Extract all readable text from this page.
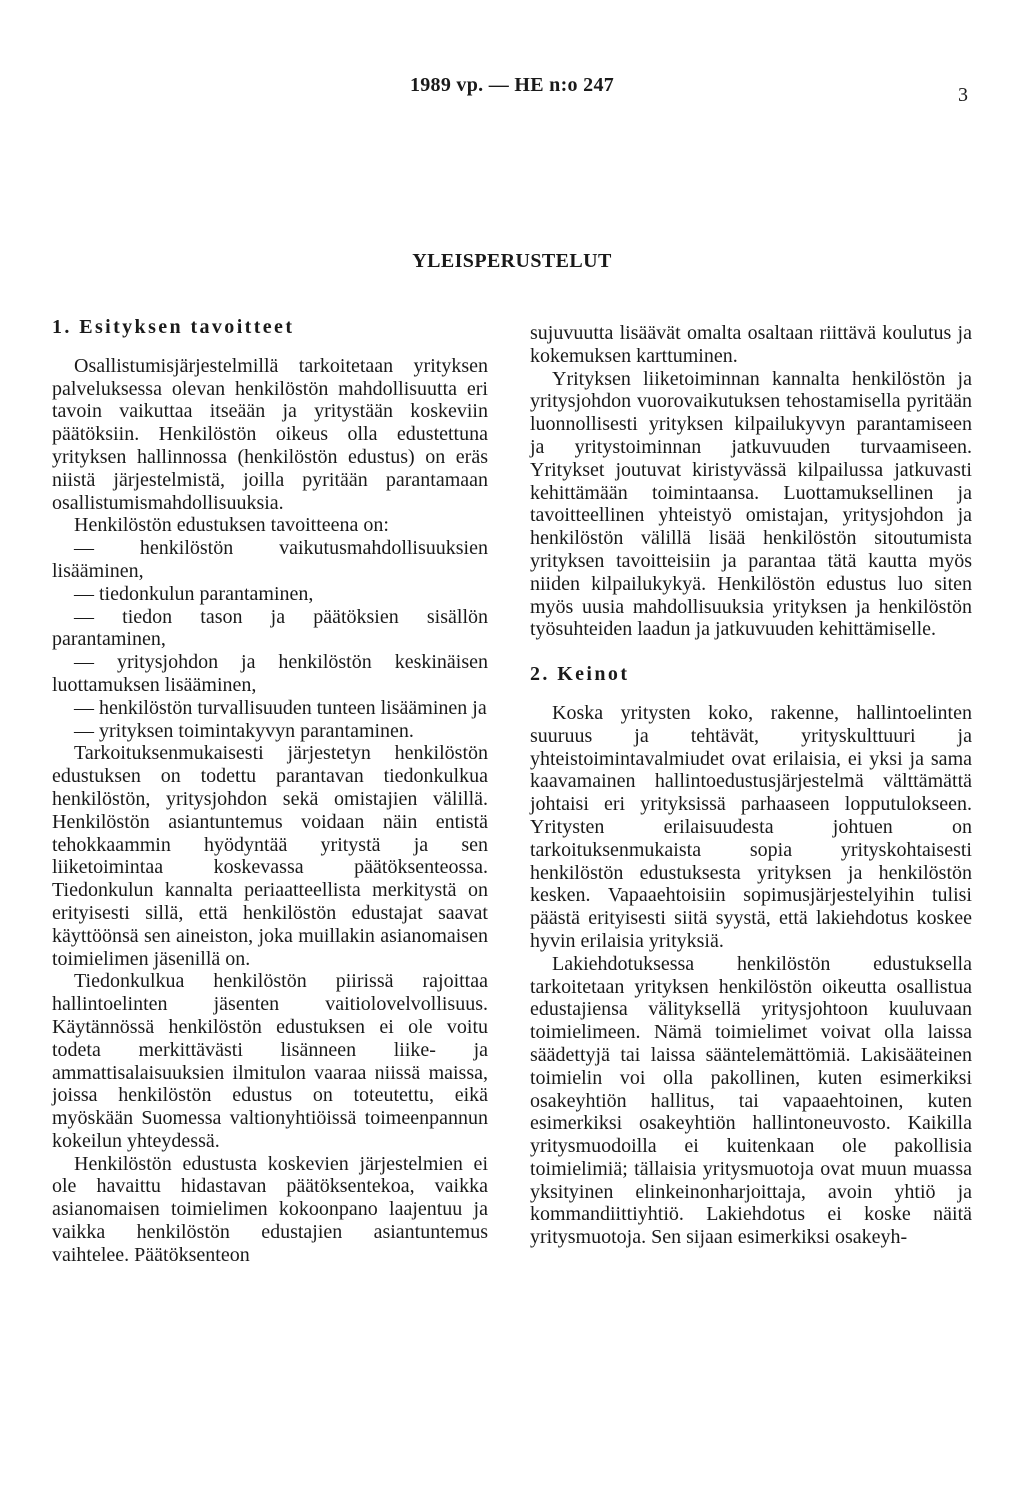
1989 vp. — HE n:o 247	3
YLEISPERUSTELUT
1. Esityksen tavoitteet

Osallistumisjärjestelmillä tarkoitetaan yrityksen palveluksessa olevan henkilöstön mahdollisuutta eri tavoin vaikuttaa itseään ja yritystään koskeviin päätöksiin. Henkilöstön oikeus olla edustettuna yrityksen hallinnossa (henkilöstön edustus) on eräs niistä järjestelmistä, joilla pyritään parantamaan osallistumismahdollisuuksia.

Henkilöstön edustuksen tavoitteena on:

— henkilöstön vaikutusmahdollisuuksien lisääminen,

— tiedonkulun parantaminen,

— tiedon tason ja päätöksien sisällön parantaminen,

— yritysjohdon ja henkilöstön keskinäisen luottamuksen lisääminen,

— henkilöstön turvallisuuden tunteen lisääminen ja

— yrityksen toimintakyvyn parantaminen.

Tarkoituksenmukaisesti järjestetyn henkilöstön edustuksen on todettu parantavan tiedonkulkua henkilöstön, yritysjohdon sekä omistajien välillä. Henkilöstön asiantuntemus voidaan näin entistä tehokkaammin hyödyntää yritystä ja sen liiketoimintaa koskevassa päätöksenteossa. Tiedonkulun kannalta periaatteellista merkitystä on erityisesti sillä, että henkilöstön edustajat saavat käyttöönsä sen aineiston, joka muillakin asianomaisen toimielimen jäsenillä on.

Tiedonkulkua henkilöstön piirissä rajoittaa hallintoelinten jäsenten vaitiolovelvollisuus. Käytännössä henkilöstön edustuksen ei ole voitu todeta merkittävästi lisänneen liike- ja ammattisalaisuuksien ilmitulon vaaraa niissä maissa, joissa henkilöstön edustus on toteutettu, eikä myöskään Suomessa valtionyhtiöissä toimeenpannun kokeilun yhteydessä.

Henkilöstön edustusta koskevien järjestelmien ei ole havaittu hidastavan päätöksentekoa, vaikka asianomaisen toimielimen kokoonpano laajentuu ja vaikka henkilöstön edustajien asiantuntemus vaihtelee. Päätöksenteon

sujuvuutta lisäävät omalta osaltaan riittävä koulutus ja kokemuksen karttuminen.

Yrityksen liiketoiminnan kannalta henkilöstön ja yritysjohdon vuorovaikutuksen tehostamisella pyritään luonnollisesti yrityksen kilpailukyvyn parantamiseen ja yritystoiminnan jatkuvuuden turvaamiseen. Yritykset joutuvat kiristyvässä kilpailussa jatkuvasti kehittämään toimintaansa. Luottamuksellinen ja tavoitteellinen yhteistyö omistajan, yritysjohdon ja henkilöstön välillä lisää henkilöstön sitoutumista yrityksen tavoitteisiin ja parantaa tätä kautta myös niiden kilpailukykyä. Henkilöstön edustus luo siten myös uusia mahdollisuuksia yrityksen ja henkilöstön työsuhteiden laadun ja jatkuvuuden kehittämiselle.

2. Keinot

Koska yritysten koko, rakenne, hallintoelinten suuruus ja tehtävät, yrityskulttuuri ja yhteistoimintavalmiudet ovat erilaisia, ei yksi ja sama kaavamainen hallintoedustusjärjestelmä välttämättä johtaisi eri yrityksissä parhaaseen lopputulokseen. Yritysten erilaisuudesta johtuen on tarkoituksenmukaista sopia yrityskohtaisesti henkilöstön edustuksesta yrityksen ja henkilöstön kesken. Vapaaehtoisiin sopimusjärjestelyihin tulisi päästä erityisesti siitä syystä, että lakiehdotus koskee hyvin erilaisia yrityksiä.

Lakiehdotuksessa henkilöstön edustuksella tarkoitetaan yrityksen henkilöstön oikeutta osallistua edustajiensa välityksellä yritysjohtoon kuuluvaan toimielimeen. Nämä toimielimet voivat olla laissa säädettyjä tai laissa sääntelemättömiä. Lakisääteinen toimielin voi olla pakollinen, kuten esimerkiksi osakeyhtiön hallitus, tai vapaaehtoinen, kuten esimerkiksi osakeyhtiön hallintoneuvosto. Kaikilla yritysmuodoilla ei kuitenkaan ole pakollisia toimielimiä; tällaisia yritysmuotoja ovat muun muassa yksityinen elinkeinonharjoittaja, avoin yhtiö ja kommandiittiyhtiö. Lakiehdotus ei koske näitä yritysmuotoja. Sen sijaan esimerkiksi osakeyh-
